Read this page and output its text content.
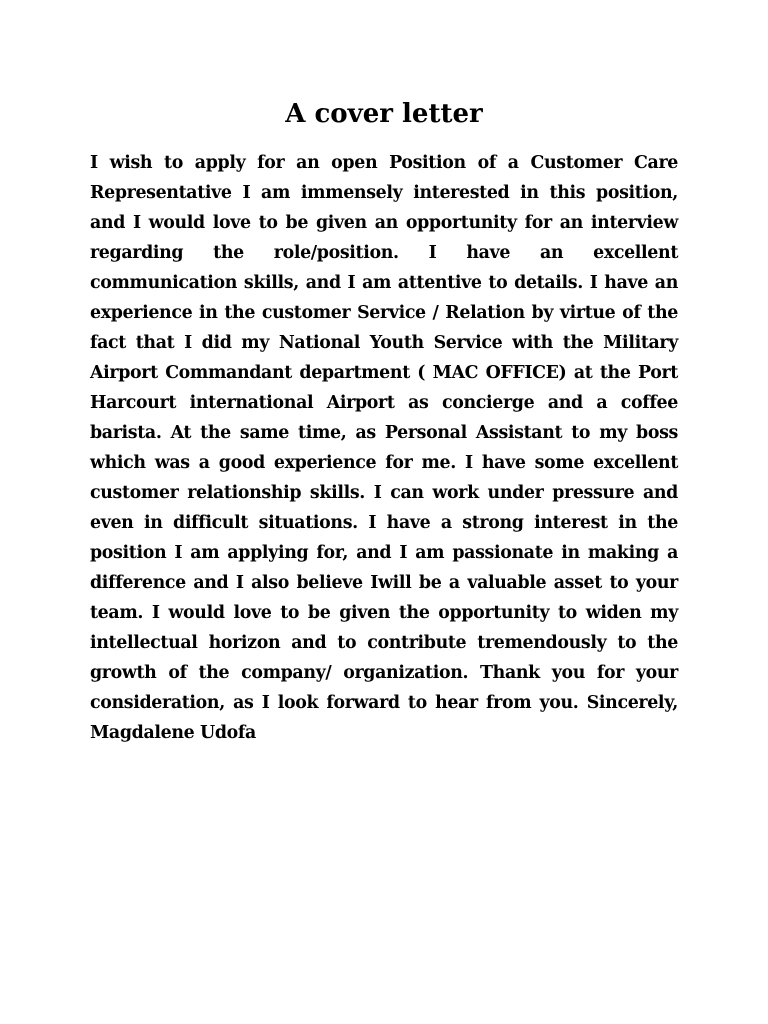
A cover letter

I wish to apply for an open Position of a Customer Care Representative I am immensely interested in this position, and I would love to be given an opportunity for an interview regarding the role/position. I have an excellent communication skills, and I am attentive to details. I have an experience in the customer Service / Relation by virtue of the fact that I did my National Youth Service with the Military Airport Commandant department ( MAC OFFICE) at the Port Harcourt international Airport as concierge and a coffee barista. At the same time, as Personal Assistant to my boss which was a good experience for me. I have some excellent customer relationship skills. I can work under pressure and even in difficult situations. I have a strong interest in the position I am applying for, and I am passionate in making a difference and I also believe Iwill be a valuable asset to your team. I would love to be given the opportunity to widen my intellectual horizon and to contribute tremendously to the growth of the company/ organization. Thank you for your consideration, as I look forward to hear from you. Sincerely, Magdalene Udofa
